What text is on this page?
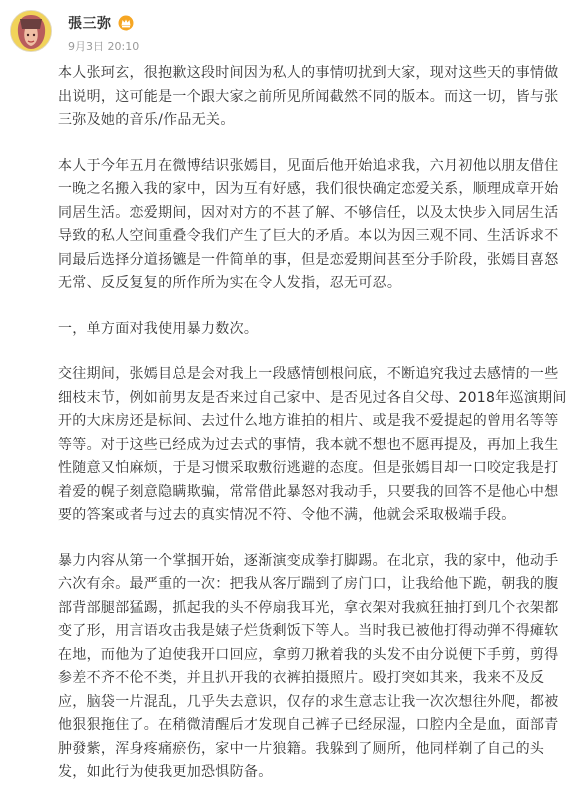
張三弥
9月3日 20:10

本人张珂玄，很抱歉这段时间因为私人的事情叨扰到大家，现对这些天的事情做
出说明，这可能是一个跟大家之前所见所闻截然不同的版本。而这一切，皆与张
三弥及她的音乐/作品无关。

本人于今年五月在微博结识张嫣目，见面后他开始追求我，六月初他以朋友借住
一晚之名搬入我的家中，因为互有好感，我们很快确定恋爱关系，顺理成章开始
同居生活。恋爱期间，因对对方的不甚了解、不够信任，以及太快步入同居生活
导致的私人空间重叠令我们产生了巨大的矛盾。本以为因三观不同、生活诉求不
同最后选择分道扬镳是一件简单的事，但是恋爱期间甚至分手阶段，张嫣目喜怒
无常、反反复复的所作所为实在令人发指，忍无可忍。

一，单方面对我使用暴力数次。

交往期间，张嫣目总是会对我上一段感情刨根问底，不断追究我过去感情的一些
细枝末节，例如前男友是否来过自己家中、是否见过各自父母、2018年巡演期间
开的大床房还是标间、去过什么地方谁拍的相片、或是我不爱提起的曾用名等等
等等。对于这些已经成为过去式的事情，我本就不想也不愿再提及，再加上我生
性随意又怕麻烦，于是习惯采取敷衍逃避的态度。但是张嫣目却一口咬定我是打
着爱的幌子刻意隐瞒欺骗，常常借此暴怒对我动手，只要我的回答不是他心中想
要的答案或者与过去的真实情况不符、令他不满，他就会采取极端手段。

暴力内容从第一个掌掴开始，逐渐演变成拳打脚踢。在北京，我的家中，他动手
六次有余。最严重的一次：把我从客厅踹到了房门口，让我给他下跪，朝我的腹
部背部腿部猛踢，抓起我的头不停扇我耳光，拿衣架对我疯狂抽打到几个衣架都
变了形，用言语攻击我是婊子烂货剩饭下等人。当时我已被他打得动弹不得瘫软
在地，而他为了迫使我开口回应，拿剪刀揪着我的头发不由分说便下手剪，剪得
参差不齐不伦不类，并且扒开我的衣裤拍摄照片。殴打突如其来，我来不及反
应，脑袋一片混乱，几乎失去意识，仅存的求生意志让我一次次想往外爬，都被
他狠狠拖住了。在稍微清醒后才发现自己裤子已经尿湿，口腔内全是血，面部青
肿發紫，浑身疼痛瘀伤，家中一片狼籍。我躲到了厕所，他同样剃了自己的头
发，如此行为使我更加恐惧防备。
